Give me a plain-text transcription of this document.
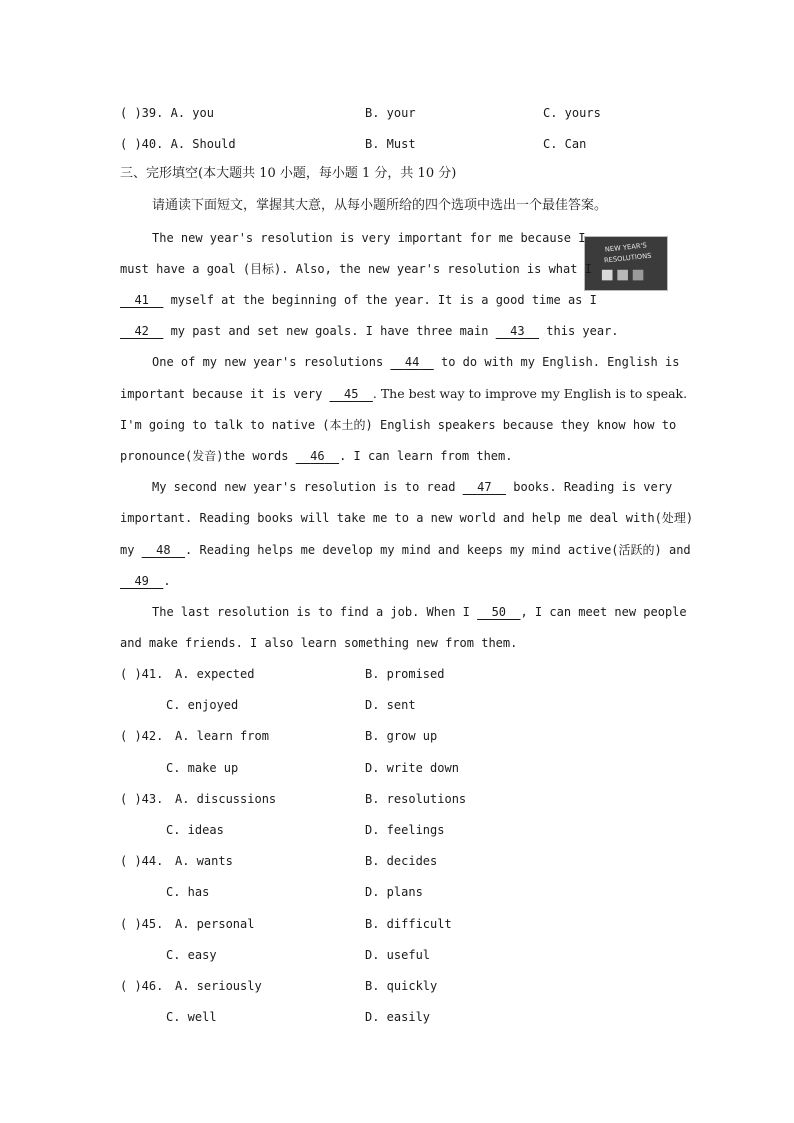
( )39. A. you	B. your	C. yours
( )40. A. Should	B. Must	C. Can
三、完形填空(本大题共 10 小题，每小题 1 分，共 10 分)
请通读下面短文，掌握其大意，从每小题所给的四个选项中选出一个最佳答案。
NEW YEAR'S
RESOLUTIONS
The new year's resolution is very important for me because I
must have a goal (目标). Also, the new year's resolution is what I
41   myself at the beginning of the year. It is a good time as I
42   my past and set new goals. I have three main   43   this year.
One of my new year's resolutions   44   to do with my English. English is
important because it is very   45 . The best way to improve my English is to speak.
I'm going to talk to native (本土的) English speakers because they know how to
pronounce(发音)the words   46 . I can learn from them.
My second new year's resolution is to read   47   books. Reading is very
important. Reading books will take me to a new world and help me deal with(处理)
my   48 . Reading helps me develop my mind and keeps my mind active(活跃的) and
49 .
The last resolution is to find a job. When I   50 , I can meet new people
and make friends. I also learn something new from them.
( )41. A. expected	B. promised
C. enjoyed	D. sent
( )42. A. learn from	B. grow up
C. make up	D. write down
( )43. A. discussions	B. resolutions
C. ideas	D. feelings
( )44. A. wants	B. decides
C. has	D. plans
( )45. A. personal	B. difficult
C. easy	D. useful
( )46. A. seriously	B. quickly
C. well	D. easily
